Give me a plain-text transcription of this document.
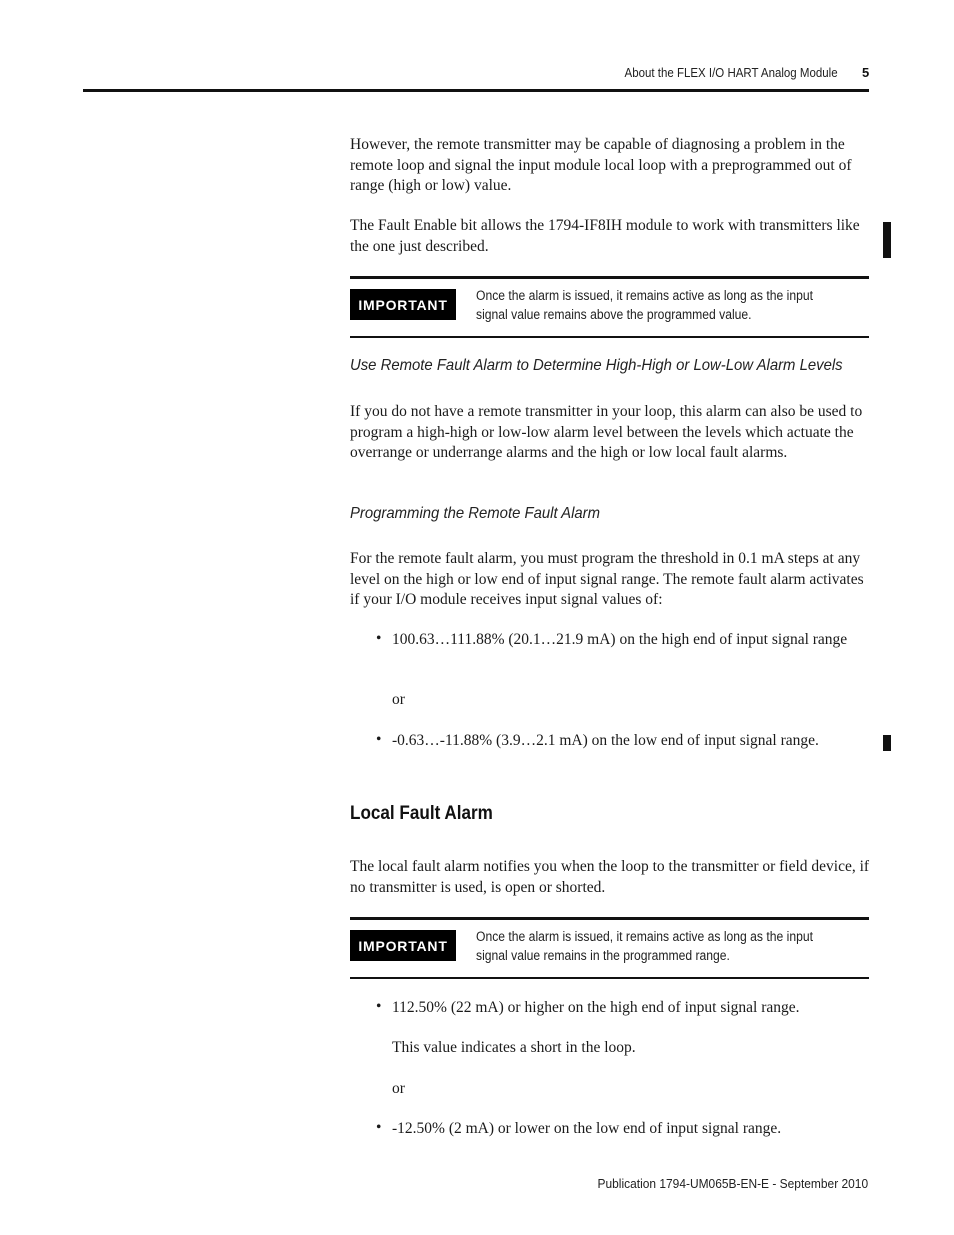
About the FLEX I/O HART Analog Module 5
However, the remote transmitter may be capable of diagnosing a problem in the remote loop and signal the input module local loop with a preprogrammed out of range (high or low) value.
The Fault Enable bit allows the 1794-IF8IH module to work with transmitters like the one just described.
IMPORTANT
Once the alarm is issued, it remains active as long as the input signal value remains above the programmed value.
Use Remote Fault Alarm to Determine High-High or Low-Low Alarm Levels
If you do not have a remote transmitter in your loop, this alarm can also be used to program a high-high or low-low alarm level between the levels which actuate the overrange or underrange alarms and the high or low local fault alarms.
Programming the Remote Fault Alarm
For the remote fault alarm, you must program the threshold in 0.1 mA steps at any level on the high or low end of input signal range. The remote fault alarm activates if your I/O module receives input signal values of:
• 100.63…111.88% (20.1…21.9 mA) on the high end of input signal range
or
• -0.63…-11.88% (3.9…2.1 mA) on the low end of input signal range.
Local Fault Alarm
The local fault alarm notifies you when the loop to the transmitter or field device, if no transmitter is used, is open or shorted.
IMPORTANT
Once the alarm is issued, it remains active as long as the input signal value remains in the programmed range.
• 112.50% (22 mA) or higher on the high end of input signal range.
This value indicates a short in the loop.
or
• -12.50% (2 mA) or lower on the low end of input signal range.
Publication 1794-UM065B-EN-E - September 2010
